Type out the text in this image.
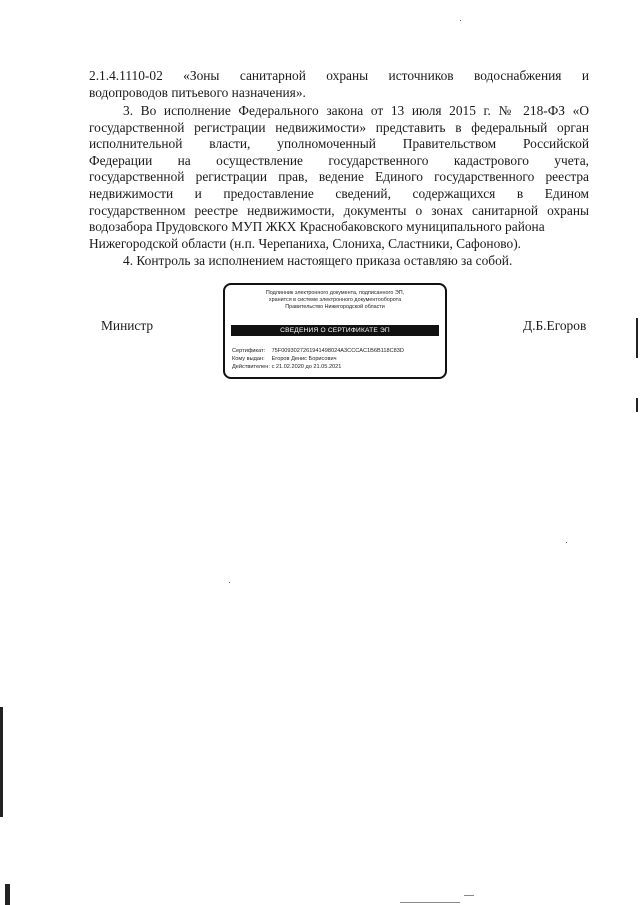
2.1.4.1110-02 «Зоны санитарной охраны источников водоснабжения и
водопроводов питьевого назначения».
3. Во исполнение Федерального закона от 13 июля 2015 г. № 218-ФЗ «О
государственной регистрации недвижимости» представить в федеральный орган
исполнительной власти, уполномоченный Правительством Российской
Федерации на осуществление государственного кадастрового учета,
государственной регистрации прав, ведение Единого государственного реестра
недвижимости и предоставление сведений, содержащихся в Едином
государственном реестре недвижимости, документы о зонах санитарной охраны
водозабора Прудовского МУП ЖКХ Краснобаковского муниципального района
Нижегородской области (н.п. Черепаниха, Слониха, Сластники, Сафоново).
4. Контроль за исполнением настоящего приказа оставляю за собой.
Министр	Д.Б.Егоров
Подлинник электронного документа, подписанного ЭП,
хранится в системе электронного документооборота
Правительство Нижегородской области
СВЕДЕНИЯ О СЕРТИФИКАТЕ ЭП
Сертификат: 75F0093027261941498024A3CCCAC1B6B118C83D
Кому выдан: Егоров Денис Борисович
Действителен: с 21.02.2020 до 21.05.2021
